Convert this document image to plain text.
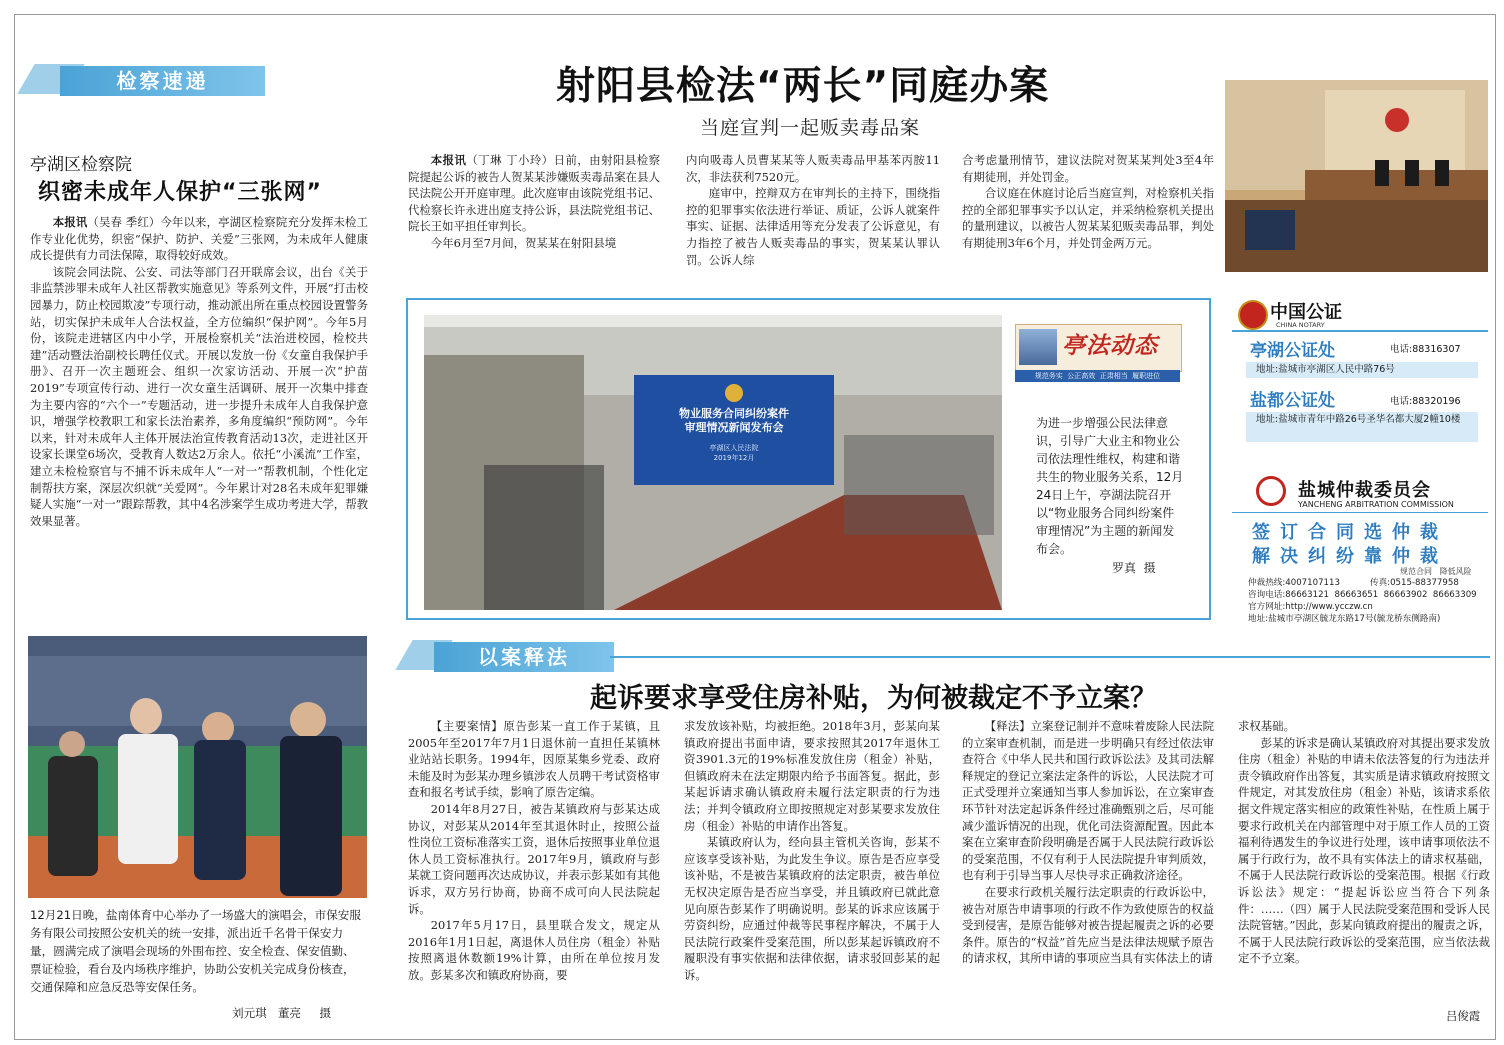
检察速递
亭湖区检察院
织密未成年人保护“三张网”

本报讯（吴春 季红）今年以来，亭湖区检察院充分发挥未检工作专业化优势，织密“保护、防护、关爱”三张网，为未成年人健康成长提供有力司法保障，取得较好成效。

该院会同法院、公安、司法等部门召开联席会议，出台《关于非监禁涉罪未成年人社区帮教实施意见》等系列文件，开展“打击校园暴力，防止校园欺凌”专项行动，推动派出所在重点校园设置警务站，切实保护未成年人合法权益，全方位编织“保护网”。今年5月份，该院走进辖区内中小学，开展检察机关“法治进校园，检校共建”活动暨法治副校长聘任仪式。开展以发放一份《女童自我保护手册》、召开一次主题班会、组织一次家访活动、开展一次“护苗2019”专项宣传行动、进行一次女童生活调研、展开一次集中排查为主要内容的“六个一”专题活动，进一步提升未成年人自我保护意识，增强学校教职工和家长法治素养，多角度编织“预防网”。今年以来，针对未成年人主体开展法治宣传教育活动13次，走进社区开设家长课堂6场次，受教育人数达2万余人。依托“小溪流”工作室，建立未检检察官与不捕不诉未成年人“一对一”帮教机制，个性化定制帮扶方案，深层次织就“关爱网”。今年累计对28名未成年犯罪嫌疑人实施“一对一”跟踪帮教，其中4名涉案学生成功考进大学，帮教效果显著。

12月21日晚，盐南体育中心举办了一场盛大的演唱会，市保安服务有限公司按照公安机关的统一安排，派出近千名骨干保安力量，圆满完成了演唱会现场的外围布控、安全检查、保安值勤、票证检验，看台及内场秩序维护，协助公安机关完成身份核查，交通保障和应急反恐等安保任务。
刘元琪   董亮     摄
射阳县检法“两长”同庭办案
当庭宣判一起贩卖毒品案

本报讯（丁琳 丁小玲）日前，由射阳县检察院提起公诉的被告人贺某某涉嫌贩卖毒品案在县人民法院公开开庭审理。此次庭审由该院党组书记、代检察长许永进出庭支持公诉，县法院党组书记、院长王如平担任审判长。

今年6月至7月间，贺某某在射阳县境

内向吸毒人员曹某某等人贩卖毒品甲基苯丙胺11次，非法获利7520元。

庭审中，控辩双方在审判长的主持下，围绕指控的犯罪事实依法进行举证、质证，公诉人就案件事实、证据、法律适用等充分发表了公诉意见，有力指控了被告人贩卖毒品的事实，贺某某认罪认罚。公诉人综

合考虑量刑情节，建议法院对贺某某判处3至4年有期徒刑，并处罚金。

合议庭在休庭讨论后当庭宣判，对检察机关指控的全部犯罪事实予以认定，并采纳检察机关提出的量刑建议，以被告人贺某某犯贩卖毒品罪，判处有期徒刑3年6个月，并处罚金两万元。

物业服务合同纠纷案件
审理情况新闻发布会
亭湖区人民法院
2019年12月
亭法动态
规范务实  公正高效  正肃相当  履职进位
为进一步增强公民法律意识，引导广大业主和物业公司依法理性维权，构建和谐共生的物业服务关系，12月24日上午，亭湖法院召开以“物业服务合同纠纷案件审理情况”为主题的新闻发布会。
罗真  摄
中国公证
CHINA NOTARY
亭湖公证处	电话:88316307
地址:盐城市亭湖区人民中路76号
盐都公证处	电话:88320196
地址:盐城市青年中路26号圣华名都大厦2幢10楼
盐城仲裁委员会
YANCHENG ARBITRATION COMMISSION
签订合同选仲裁
解决纠纷靠仲裁
规范合同   降低风险
仲裁热线:4007107113           传真:0515-88377958
咨询电话:86663121  86663651  86663902  86663309
官方网址:http://www.ycczw.cn
地址:盐城市亭湖区毓龙东路17号(毓龙桥东侧路南)
以案释法
起诉要求享受住房补贴，为何被裁定不予立案？

【主要案情】原告彭某一直工作于某镇，且2005年至2017年7月1日退休前一直担任某镇林业站站长职务。1994年，因原某集乡党委、政府未能及时为彭某办理乡镇涉农人员聘干考试资格审查和报名考试手续，影响了原告定编。

2014年8月27日，被告某镇政府与彭某达成协议，对彭某从2014年至其退休时止，按照公益性岗位工资标准落实工资，退休后按照事业单位退休人员工资标准执行。2017年9月，镇政府与彭某就工资问题再次达成协议，并表示彭某如有其他诉求，双方另行协商，协商不成可向人民法院起诉。

2017年5月17日，县里联合发文，规定从2016年1月1日起，离退休人员住房（租金）补贴按照离退休数额19%计算，由所在单位按月发放。彭某多次和镇政府协商，要

求发放该补贴，均被拒绝。2018年3月，彭某向某镇政府提出书面申请，要求按照其2017年退休工资3901.3元的19%标准发放住房（租金）补贴，但镇政府未在法定期限内给予书面答复。据此，彭某起诉请求确认镇政府未履行法定职责的行为违法；并判令镇政府立即按照规定对彭某要求发放住房（租金）补贴的申请作出答复。

某镇政府认为，经向县主管机关咨询，彭某不应该享受该补贴，为此发生争议。原告是否应享受该补贴，不是被告某镇政府的法定职责，被告单位无权决定原告是否应当享受，并且镇政府已就此意见向原告彭某作了明确说明。彭某的诉求应该属于劳资纠纷，应通过仲裁等民事程序解决，不属于人民法院行政案件受案范围，所以彭某起诉镇政府不履职没有事实依据和法律依据，请求驳回彭某的起诉。

【释法】立案登记制并不意味着废除人民法院的立案审查机制，而是进一步明确只有经过依法审查符合《中华人民共和国行政诉讼法》及其司法解释规定的登记立案法定条件的诉讼，人民法院才可正式受理并立案通知当事人参加诉讼，在立案审查环节针对法定起诉条件经过准确甄别之后，尽可能减少滥诉情况的出现，优化司法资源配置。因此本案在立案审查阶段明确是否属于人民法院行政诉讼的受案范围，不仅有利于人民法院提升审判质效，也有利于引导当事人尽快寻求正确救济途径。

在要求行政机关履行法定职责的行政诉讼中，被告对原告申请事项的行政不作为致使原告的权益受到侵害，是原告能够对被告提起履责之诉的必要条件。原告的“权益”首先应当是法律法规赋予原告的请求权，其所申请的事项应当具有实体法上的请

求权基础。

彭某的诉求是确认某镇政府对其提出要求发放住房（租金）补贴的申请未依法答复的行为违法并责令镇政府作出答复，其实质是请求镇政府按照文件规定，对其发放住房（租金）补贴，该请求系依据文件规定落实相应的政策性补贴，在性质上属于要求行政机关在内部管理中对于原工作人员的工资福利待遇发生的争议进行处理，该申请事项依法不属于行政行为，故不具有实体法上的请求权基础，不属于人民法院行政诉讼的受案范围。根据《行政诉讼法》规定：“提起诉讼应当符合下列条件：……（四）属于人民法院受案范围和受诉人民法院管辖。”因此，彭某向镇政府提出的履责之诉，不属于人民法院行政诉讼的受案范围，应当依法裁定不予立案。

吕俊霞
